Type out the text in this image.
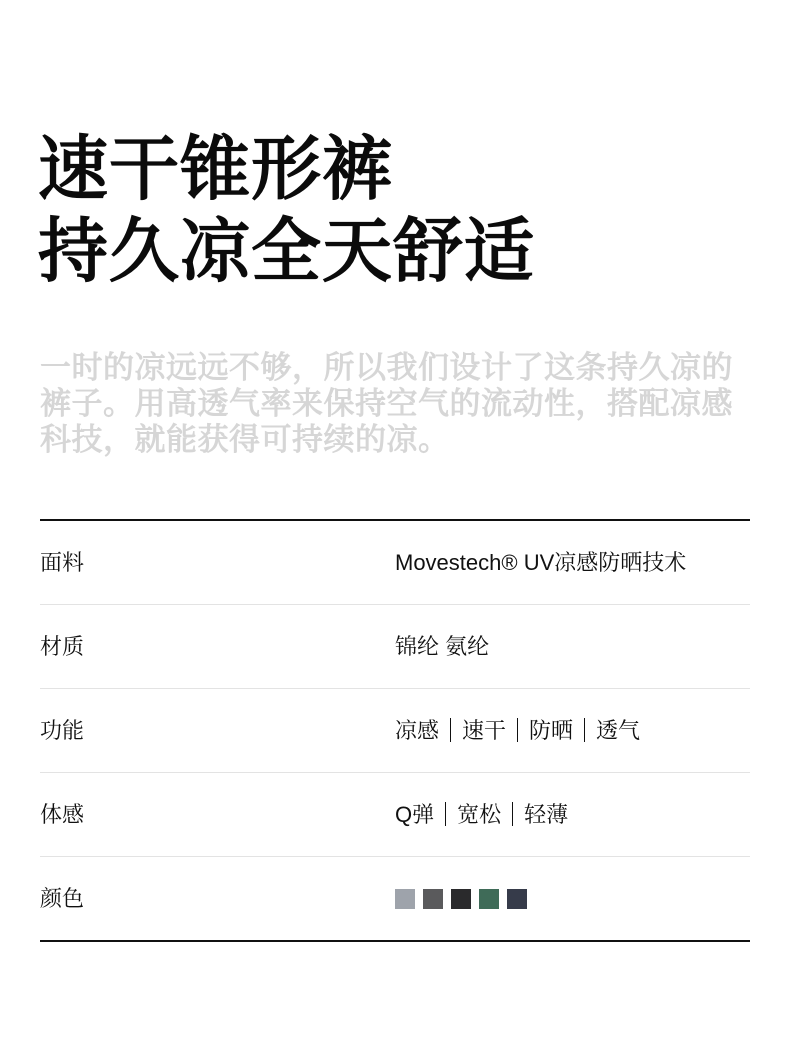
速干锥形裤
持久凉全天舒适

一时的凉远远不够，所以我们设计了这条持久凉的裤子。用高透气率来保持空气的流动性，搭配凉感科技，就能获得可持续的凉。

面料	Movestech® UV凉感防晒技术
材质	锦纶 氨纶
功能	凉感 速干 防晒 透气
体感	Q弹 宽松 轻薄
颜色
